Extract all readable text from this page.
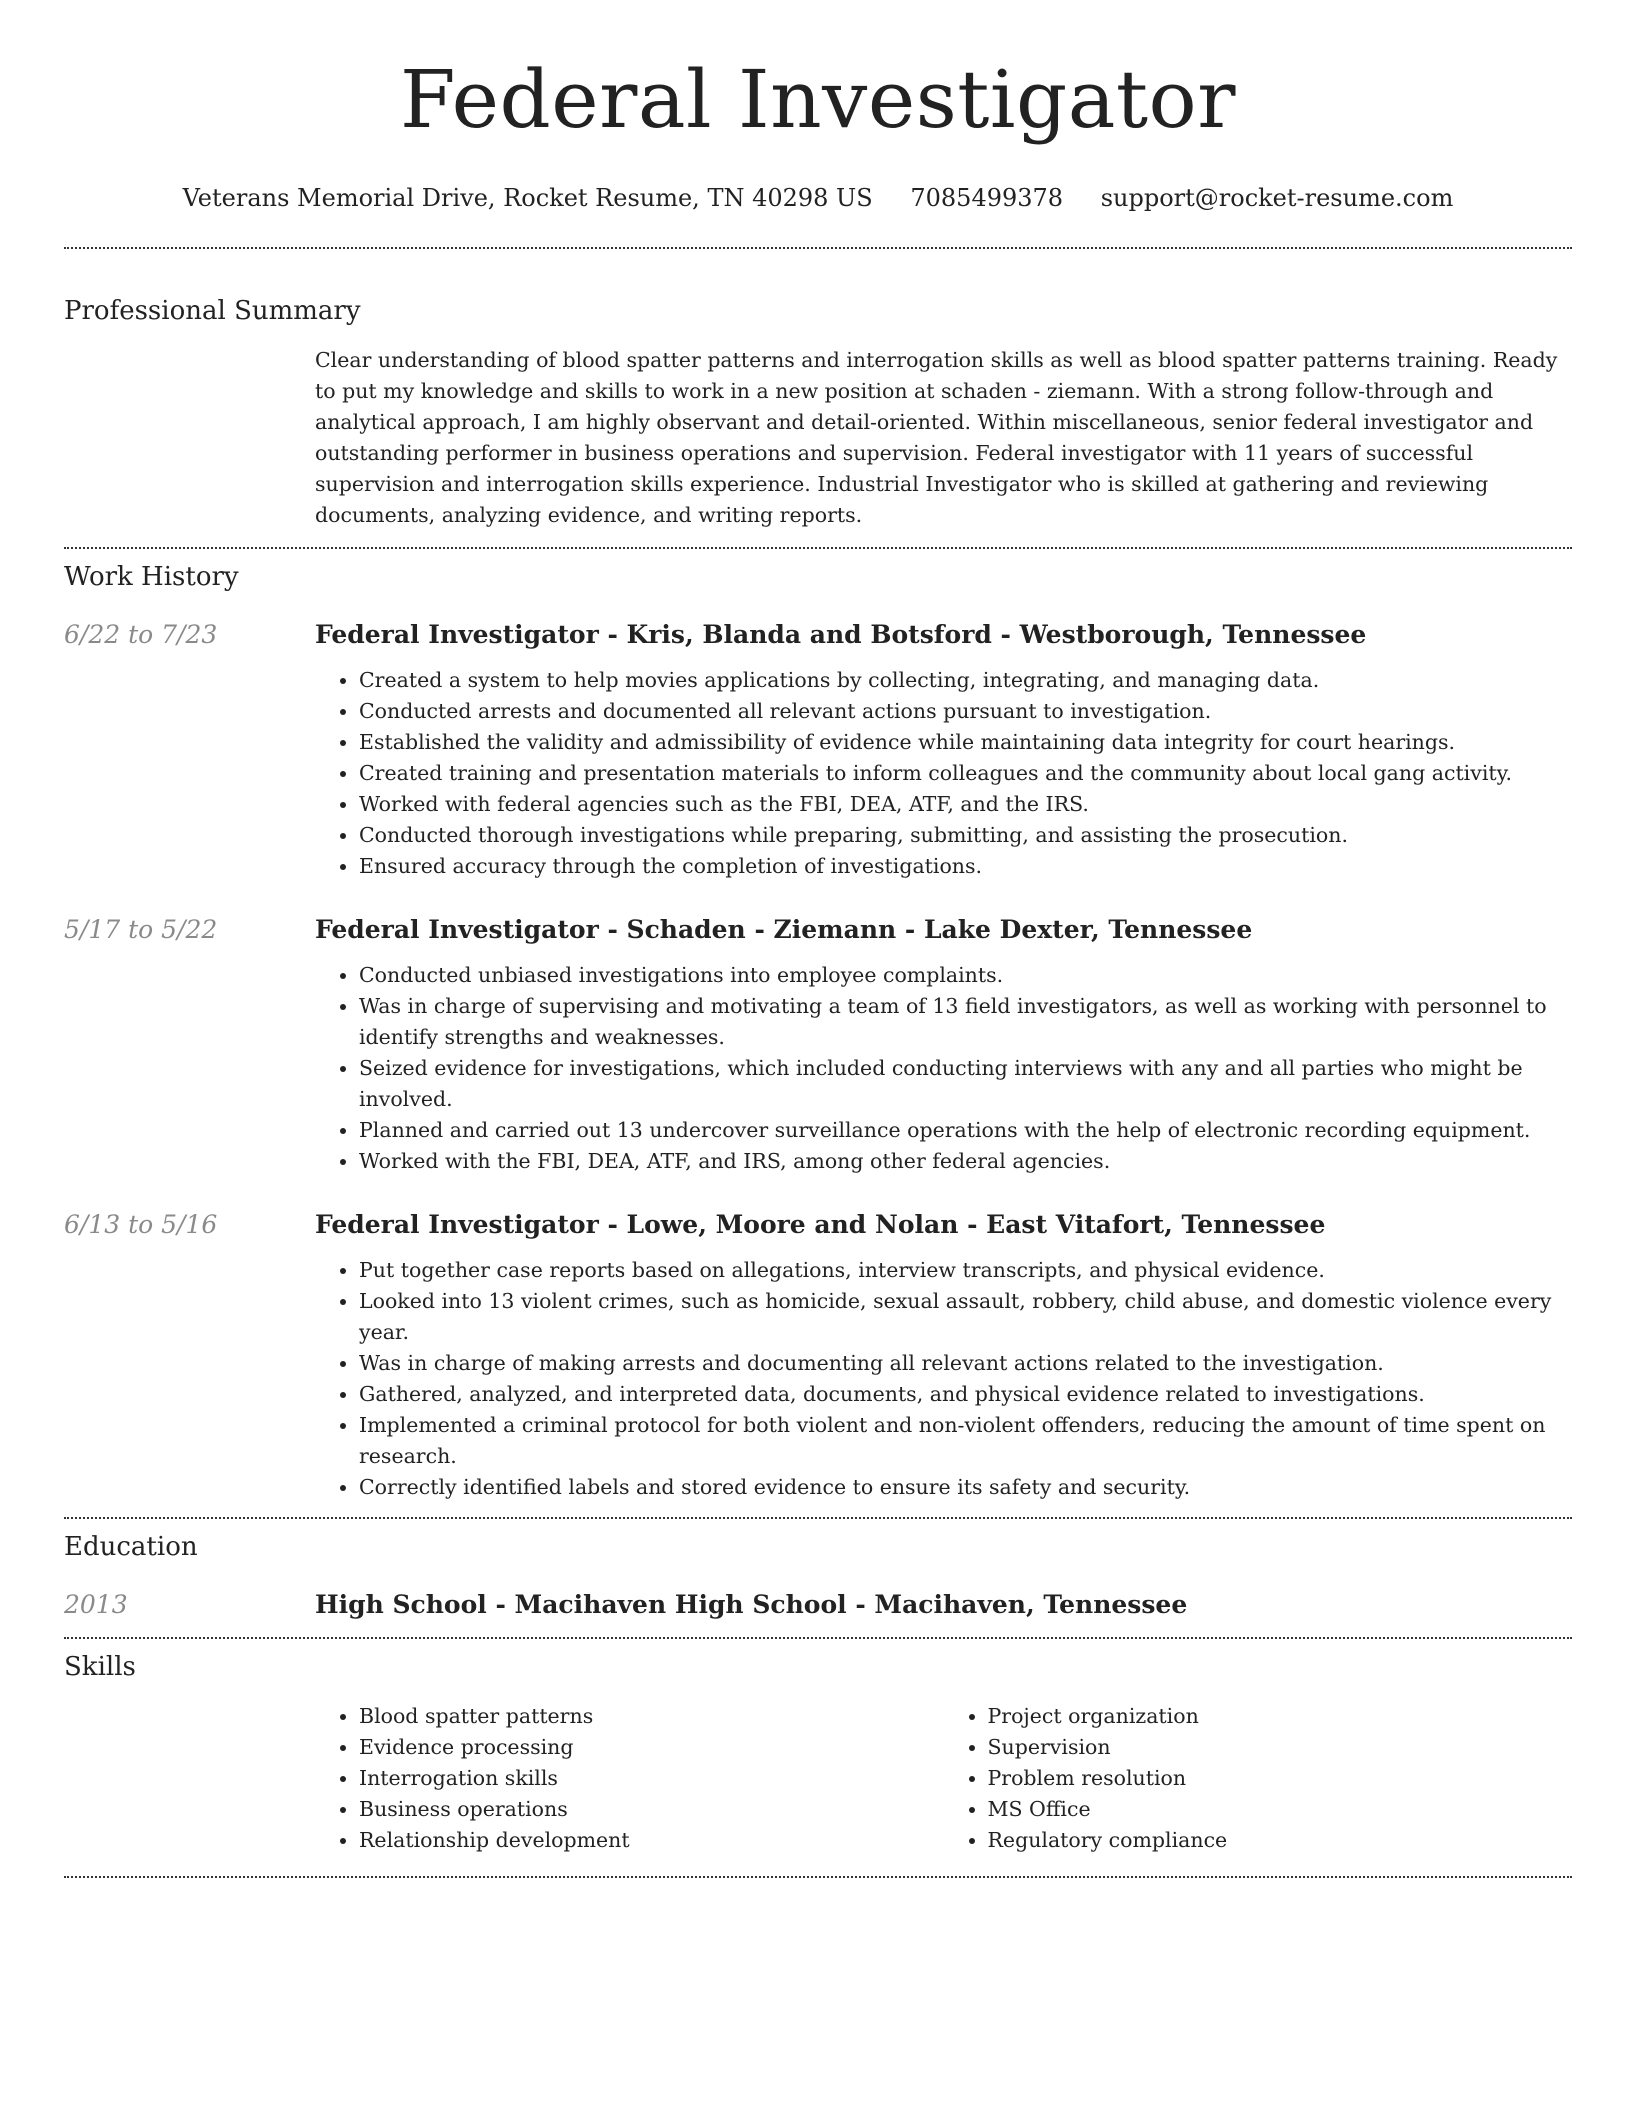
Federal Investigator
Veterans Memorial Drive, Rocket Resume, TN 40298 US 7085499378 support@rocket-resume.com
Professional Summary
Clear understanding of blood spatter patterns and interrogation skills as well as blood spatter patterns training. Ready to put my knowledge and skills to work in a new position at schaden - ziemann. With a strong follow-through and analytical approach, I am highly observant and detail-oriented. Within miscellaneous, senior federal investigator and outstanding performer in business operations and supervision. Federal investigator with 11 years of successful supervision and interrogation skills experience. Industrial Investigator who is skilled at gathering and reviewing documents, analyzing evidence, and writing reports.
Work History
6/22 to 7/23	Federal Investigator - Kris, Blanda and Botsford - Westborough, Tennessee
• Created a system to help movies applications by collecting, integrating, and managing data.
• Conducted arrests and documented all relevant actions pursuant to investigation.
• Established the validity and admissibility of evidence while maintaining data integrity for court hearings.
• Created training and presentation materials to inform colleagues and the community about local gang activity.
• Worked with federal agencies such as the FBI, DEA, ATF, and the IRS.
• Conducted thorough investigations while preparing, submitting, and assisting the prosecution.
• Ensured accuracy through the completion of investigations.
5/17 to 5/22	Federal Investigator - Schaden - Ziemann - Lake Dexter, Tennessee
• Conducted unbiased investigations into employee complaints.
• Was in charge of supervising and motivating a team of 13 field investigators, as well as working with personnel to identify strengths and weaknesses.
• Seized evidence for investigations, which included conducting interviews with any and all parties who might be involved.
• Planned and carried out 13 undercover surveillance operations with the help of electronic recording equipment.
• Worked with the FBI, DEA, ATF, and IRS, among other federal agencies.
6/13 to 5/16	Federal Investigator - Lowe, Moore and Nolan - East Vitafort, Tennessee
• Put together case reports based on allegations, interview transcripts, and physical evidence.
• Looked into 13 violent crimes, such as homicide, sexual assault, robbery, child abuse, and domestic violence every year.
• Was in charge of making arrests and documenting all relevant actions related to the investigation.
• Gathered, analyzed, and interpreted data, documents, and physical evidence related to investigations.
• Implemented a criminal protocol for both violent and non-violent offenders, reducing the amount of time spent on research.
• Correctly identified labels and stored evidence to ensure its safety and security.
Education
2013	High School - Macihaven High School - Macihaven, Tennessee
Skills
• Blood spatter patterns
• Evidence processing
• Interrogation skills
• Business operations
• Relationship development
• Project organization
• Supervision
• Problem resolution
• MS Office
• Regulatory compliance
